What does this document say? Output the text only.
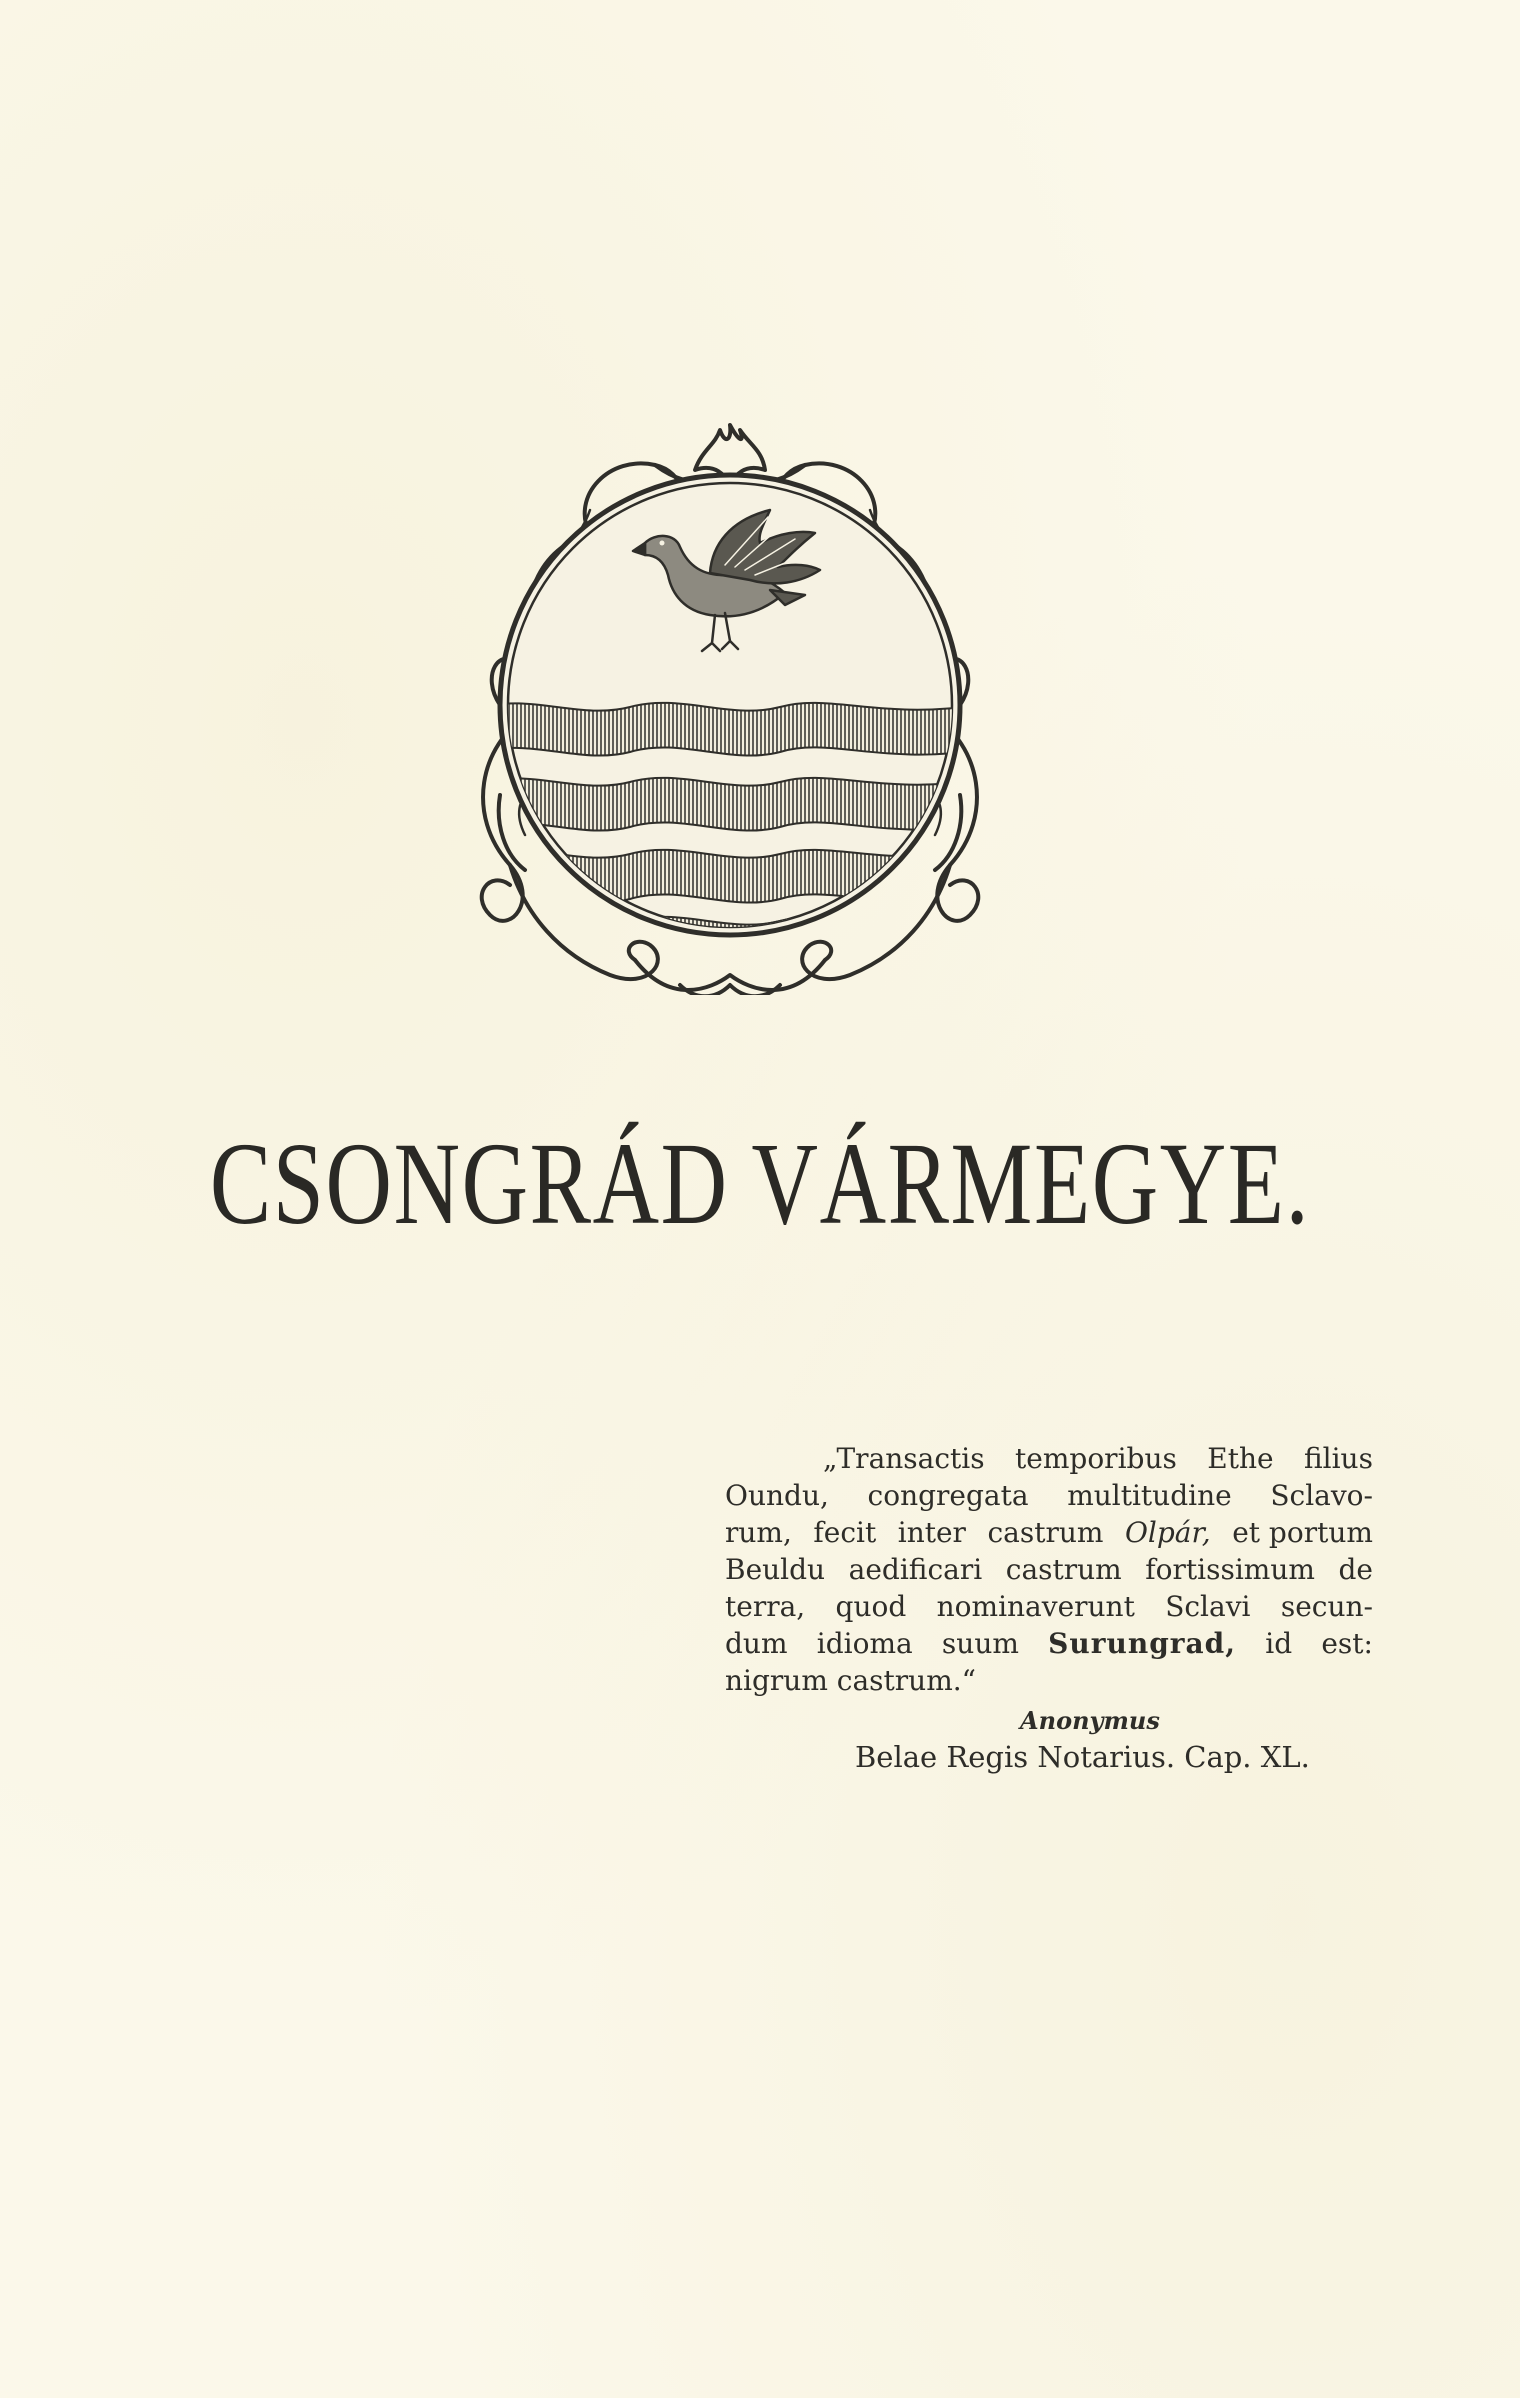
CSONGRÁD VÁRMEGYE.
„Transactis temporibus Ethe filius
Oundu, congregata multitudine Sclavo-
rum, fecit inter castrum Olpár, et portum
Beuldu aedificari castrum fortissimum de
terra, quod nominaverunt Sclavi secun-
dum idioma suum Surungrad, id est:
nigrum castrum.“
Anonymus
Belae Regis Notarius. Cap. XL.
